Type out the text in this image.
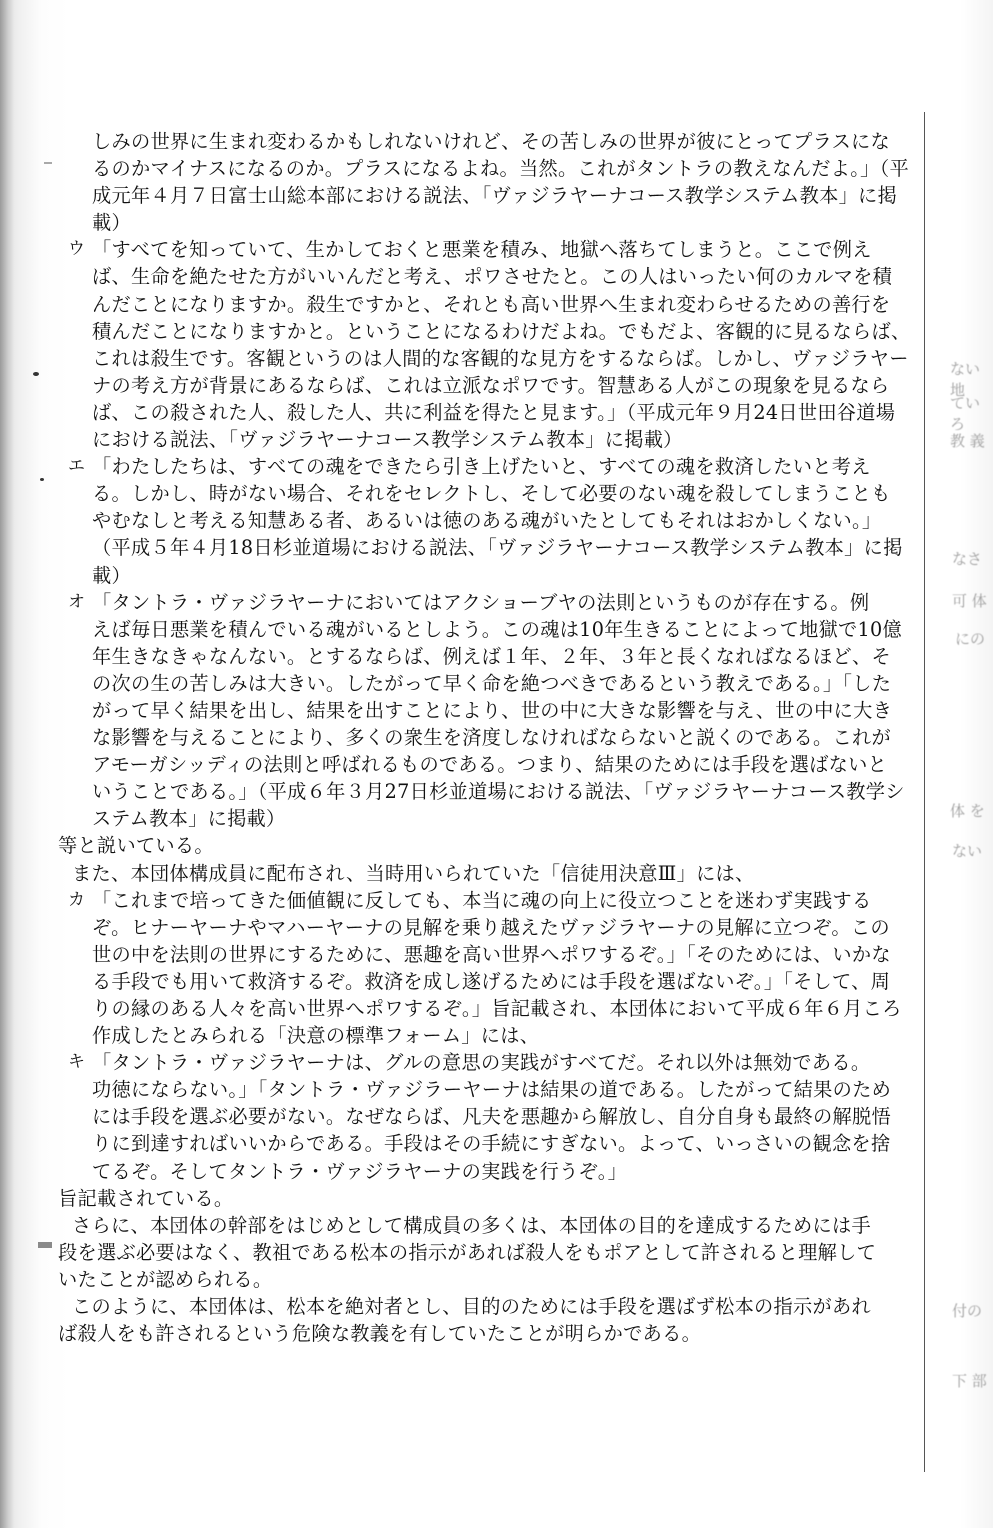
ない 地
ていろ
教 義
なさ
可 体
にの
体 を
ない
付の
下 部
しみの世界に生まれ変わるかもしれないけれど、その苦しみの世界が彼にとってプラスにな
るのかマイナスになるのか。プラスになるよね。当然。これがタントラの教えなんだよ。」（平
成元年４月７日富士山総本部における説法、「ヴァジラヤーナコース教学システム教本」に掲
載）
ウ 「すべてを知っていて、生かしておくと悪業を積み、地獄へ落ちてしまうと。ここで例え
ば、生命を絶たせた方がいいんだと考え、ポワさせたと。この人はいったい何のカルマを積
んだことになりますか。殺生ですかと、それとも高い世界へ生まれ変わらせるための善行を
積んだことになりますかと。ということになるわけだよね。でもだよ、客観的に見るならば、
これは殺生です。客観というのは人間的な客観的な見方をするならば。しかし、ヴァジラヤー
ナの考え方が背景にあるならば、これは立派なポワです。智慧ある人がこの現象を見るなら
ば、この殺された人、殺した人、共に利益を得たと見ます。」（平成元年９月24日世田谷道場
における説法、「ヴァジラヤーナコース教学システム教本」に掲載）
エ 「わたしたちは、すべての魂をできたら引き上げたいと、すべての魂を救済したいと考え
る。しかし、時がない場合、それをセレクトし、そして必要のない魂を殺してしまうことも
やむなしと考える知慧ある者、あるいは徳のある魂がいたとしてもそれはおかしくない。」
（平成５年４月18日杉並道場における説法、「ヴァジラヤーナコース教学システム教本」に掲
載）
オ 「タントラ・ヴァジラヤーナにおいてはアクショーブヤの法則というものが存在する。例
えば毎日悪業を積んでいる魂がいるとしよう。この魂は10年生きることによって地獄で10億
年生きなきゃなんない。とするならば、例えば１年、２年、３年と長くなればなるほど、そ
の次の生の苦しみは大きい。したがって早く命を絶つべきであるという教えである。」「した
がって早く結果を出し、結果を出すことにより、世の中に大きな影響を与え、世の中に大き
な影響を与えることにより、多くの衆生を済度しなければならないと説くのである。これが
アモーガシッディの法則と呼ばれるものである。つまり、結果のためには手段を選ばないと
いうことである。」（平成６年３月27日杉並道場における説法、「ヴァジラヤーナコース教学シ
ステム教本」に掲載）
等と説いている。
また、本団体構成員に配布され、当時用いられていた「信徒用決意Ⅲ」には、
カ 「これまで培ってきた価値観に反しても、本当に魂の向上に役立つことを迷わず実践する
ぞ。ヒナーヤーナやマハーヤーナの見解を乗り越えたヴァジラヤーナの見解に立つぞ。この
世の中を法則の世界にするために、悪趣を高い世界へポワするぞ。」「そのためには、いかな
る手段でも用いて救済するぞ。救済を成し遂げるためには手段を選ばないぞ。」「そして、周
りの縁のある人々を高い世界へポワするぞ。」旨記載され、本団体において平成６年６月ころ
作成したとみられる「決意の標準フォーム」には、
キ 「タントラ・ヴァジラヤーナは、グルの意思の実践がすべてだ。それ以外は無効である。
功徳にならない。」「タントラ・ヴァジラーヤーナは結果の道である。したがって結果のため
には手段を選ぶ必要がない。なぜならば、凡夫を悪趣から解放し、自分自身も最終の解脱悟
りに到達すればいいからである。手段はその手続にすぎない。よって、いっさいの観念を捨
てるぞ。そしてタントラ・ヴァジラヤーナの実践を行うぞ。」
旨記載されている。
さらに、本団体の幹部をはじめとして構成員の多くは、本団体の目的を達成するためには手
段を選ぶ必要はなく、教祖である松本の指示があれば殺人をもポアとして許されると理解して
いたことが認められる。
このように、本団体は、松本を絶対者とし、目的のためには手段を選ばず松本の指示があれ
ば殺人をも許されるという危険な教義を有していたことが明らかである。
